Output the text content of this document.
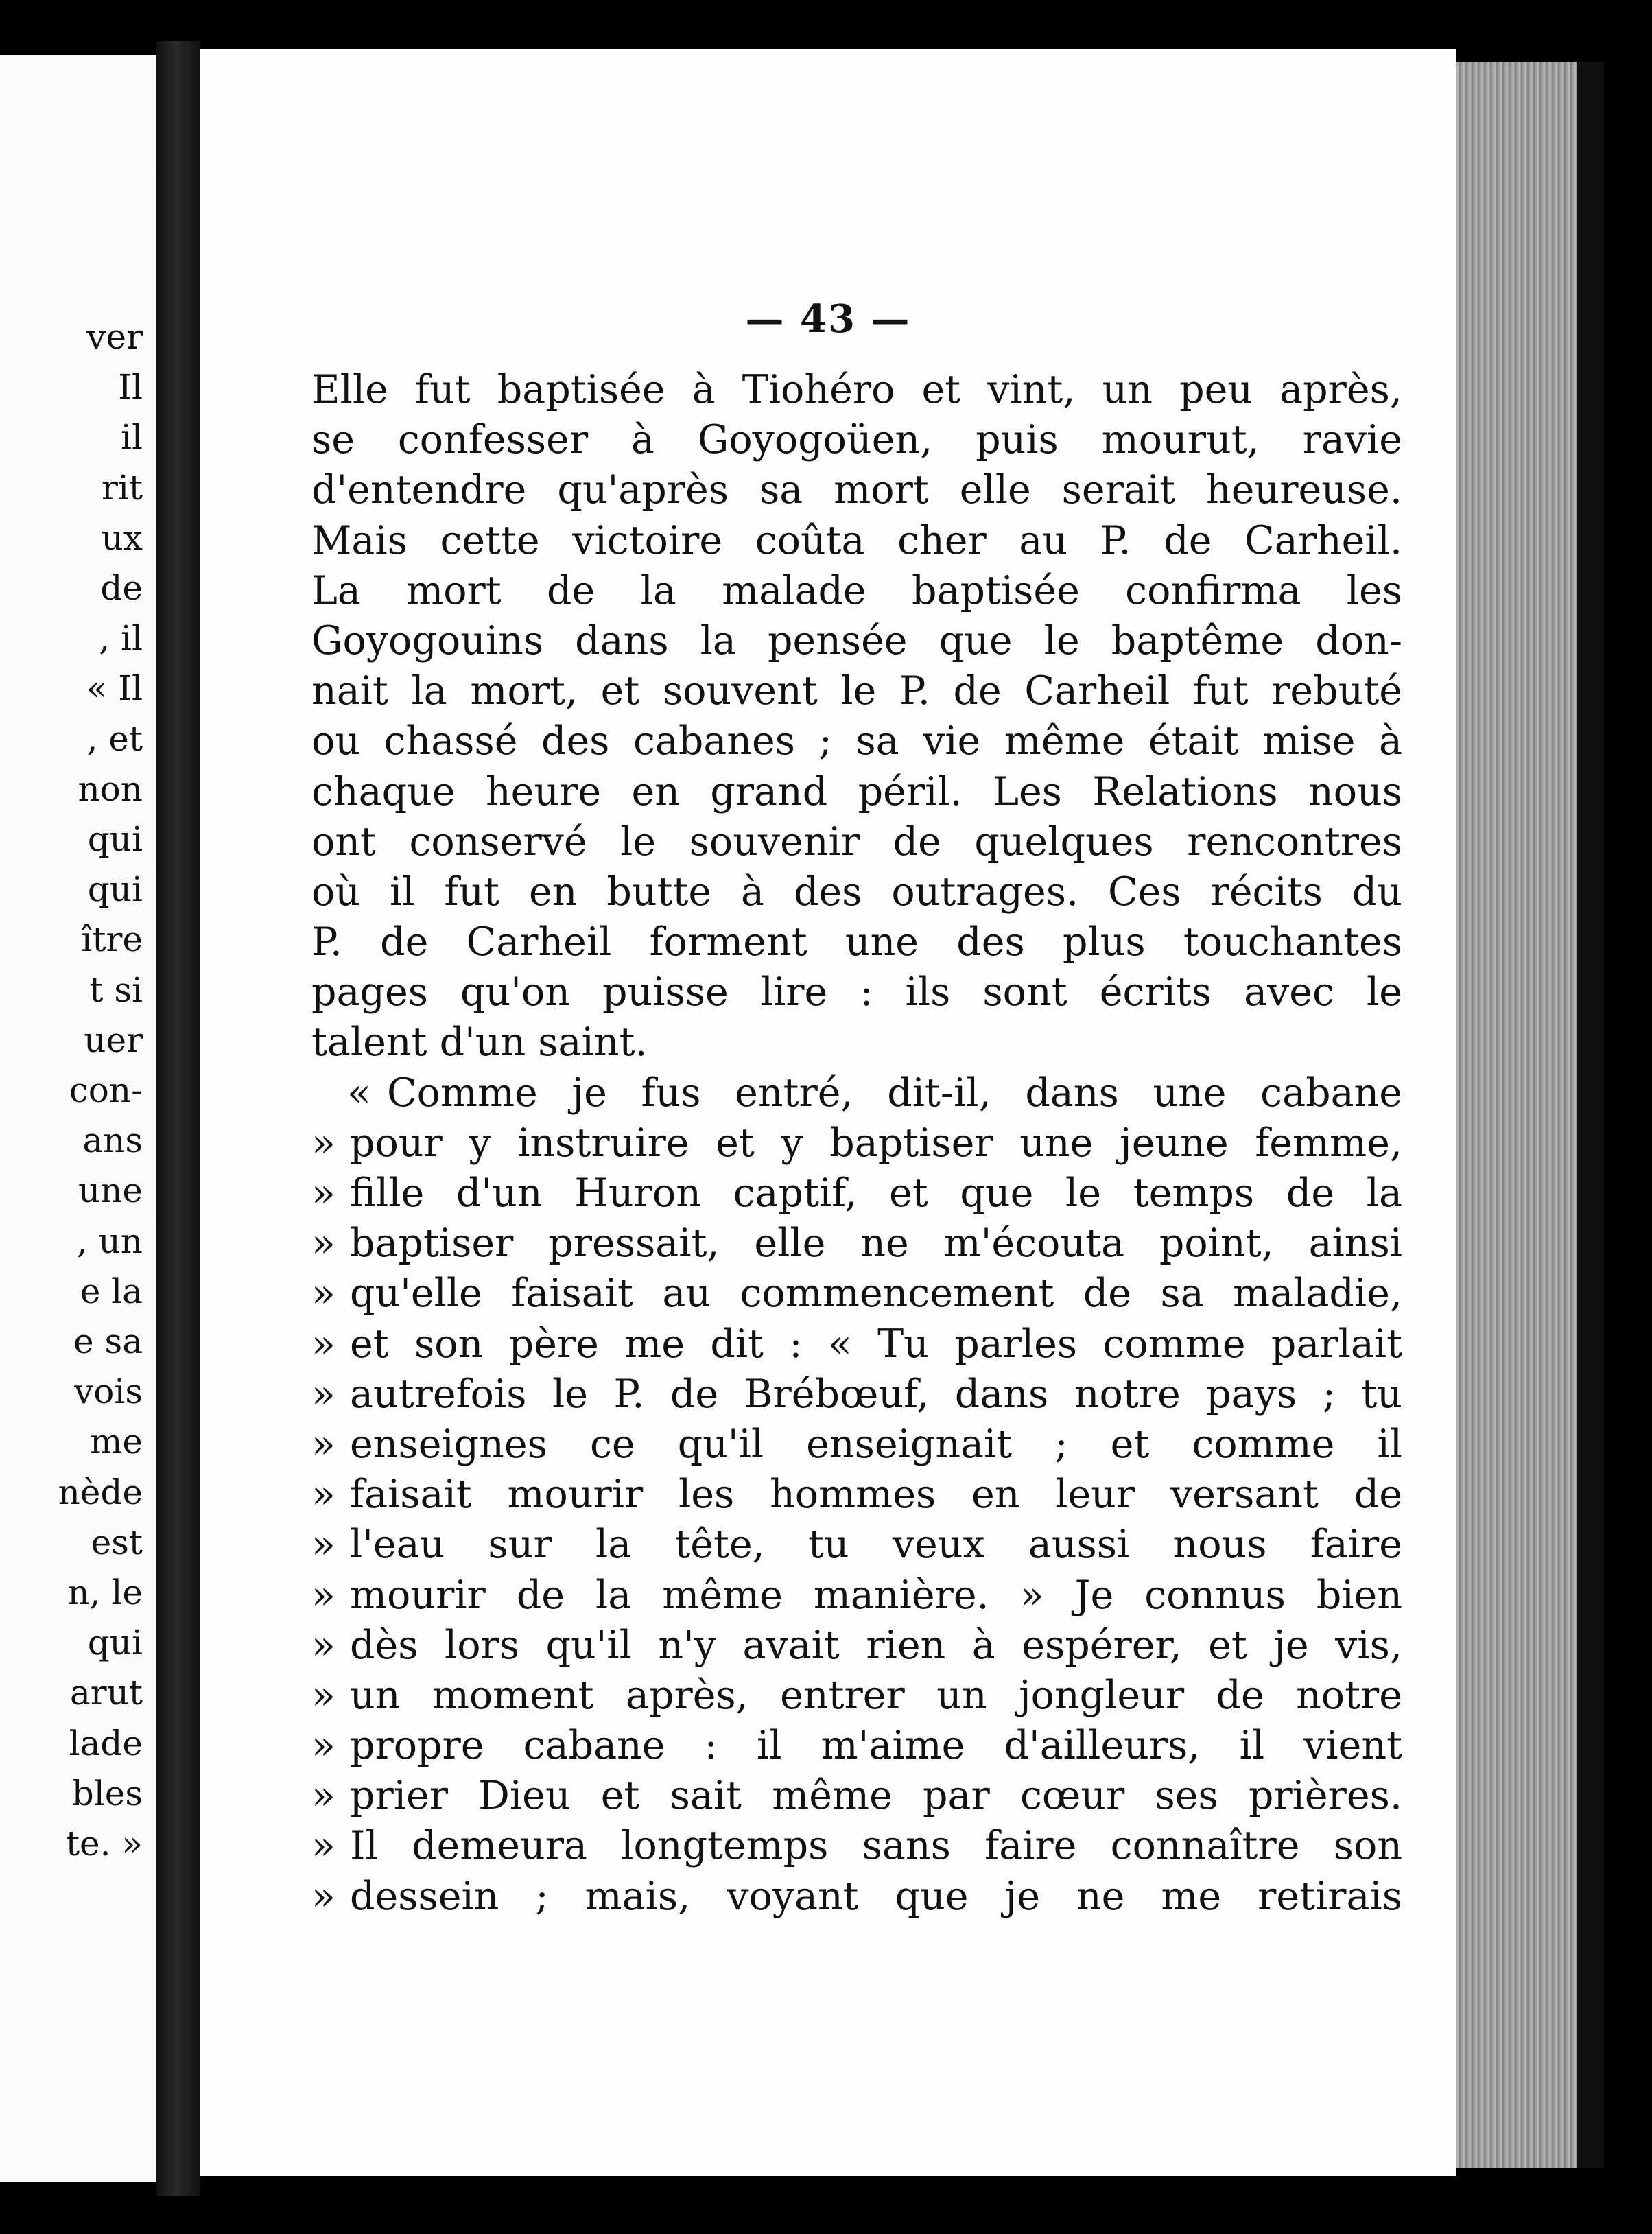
ver
Il
il
rit
ux
de
, il
« Il
, et
non
qui
qui
ître
t si
uer
con-
ans
une
, un
e la
e sa
vois
me
nède
est
n, le
qui
arut
lade
bles
te. »
— 43 —
Elle fut baptisée à Tiohéro et vint, un peu après,
se confesser à Goyogoüen, puis mourut, ravie
d'entendre qu'après sa mort elle serait heureuse.
Mais cette victoire coûta cher au P. de Carheil.
La mort de la malade baptisée confirma les
Goyogouins dans la pensée que le baptême don-
nait la mort, et souvent le P. de Carheil fut rebuté
ou chassé des cabanes ; sa vie même était mise à
chaque heure en grand péril. Les Relations nous
ont conservé le souvenir de quelques rencontres
où il fut en butte à des outrages. Ces récits du
P. de Carheil forment une des plus touchantes
pages qu'on puisse lire : ils sont écrits avec le
talent d'un saint.
« Comme je fus entré, dit-il, dans une cabane
» pour y instruire et y baptiser une jeune femme,
» fille d'un Huron captif, et que le temps de la
» baptiser pressait, elle ne m'écouta point, ainsi
» qu'elle faisait au commencement de sa maladie,
» et son père me dit : « Tu parles comme parlait
» autrefois le P. de Brébœuf, dans notre pays ; tu
» enseignes ce qu'il enseignait ; et comme il
» faisait mourir les hommes en leur versant de
» l'eau sur la tête, tu veux aussi nous faire
» mourir de la même manière. » Je connus bien
» dès lors qu'il n'y avait rien à espérer, et je vis,
» un moment après, entrer un jongleur de notre
» propre cabane : il m'aime d'ailleurs, il vient
» prier Dieu et sait même par cœur ses prières.
» Il demeura longtemps sans faire connaître son
» dessein ; mais, voyant que je ne me retirais
